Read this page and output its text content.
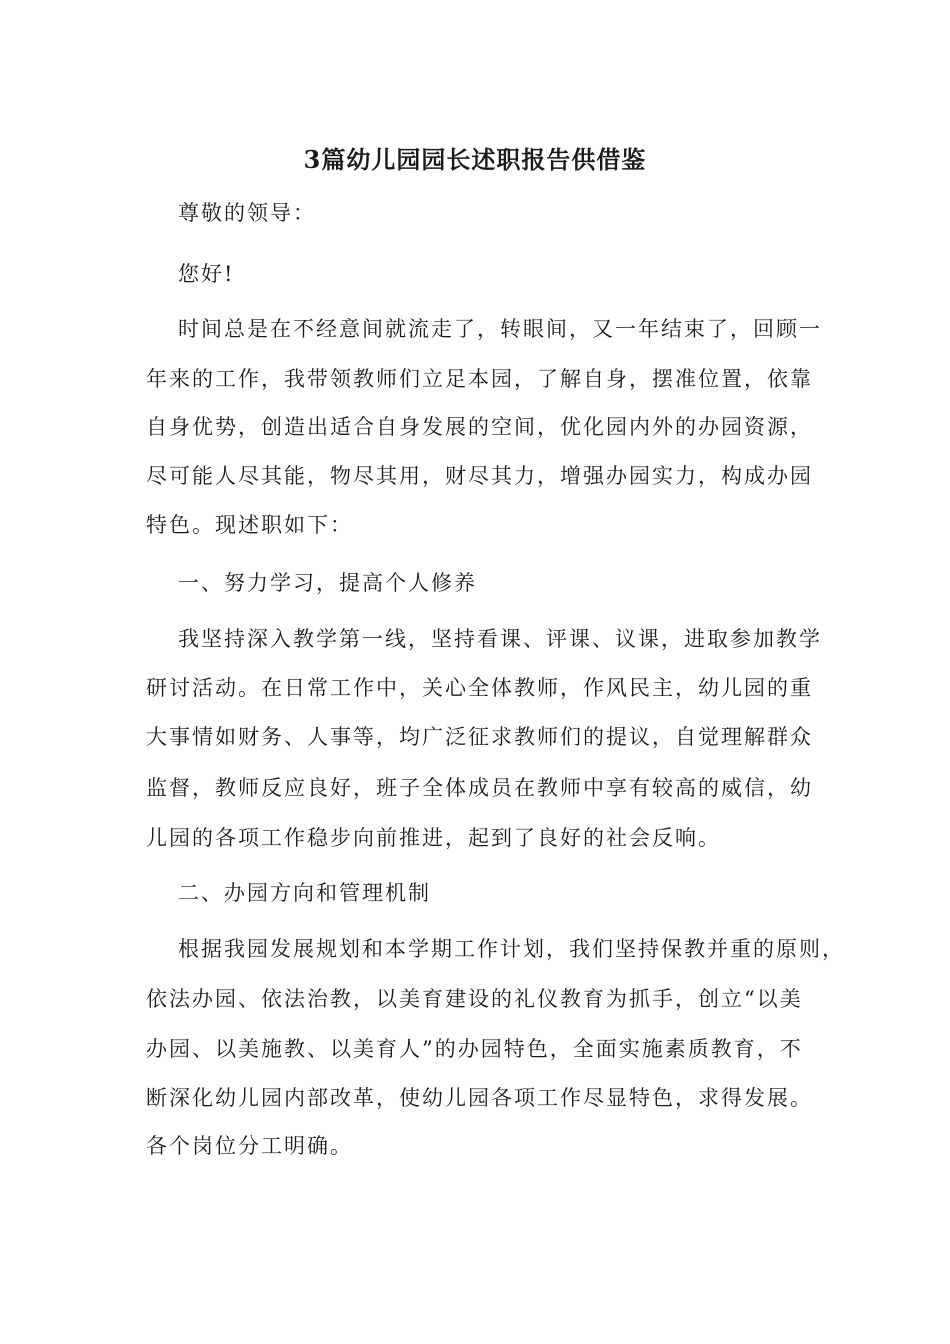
3篇幼儿园园长述职报告供借鉴
尊敬的领导：
您好!
时间总是在不经意间就流走了，转眼间，又一年结束了，回顾一
年来的工作，我带领教师们立足本园，了解自身，摆准位置，依靠
自身优势，创造出适合自身发展的空间，优化园内外的办园资源，
尽可能人尽其能，物尽其用，财尽其力，增强办园实力，构成办园
特色。现述职如下：
一、努力学习，提高个人修养
我坚持深入教学第一线，坚持看课、评课、议课，进取参加教学
研讨活动。在日常工作中，关心全体教师，作风民主，幼儿园的重
大事情如财务、人事等，均广泛征求教师们的提议，自觉理解群众
监督，教师反应良好，班子全体成员在教师中享有较高的威信，幼
儿园的各项工作稳步向前推进，起到了良好的社会反响。
二、办园方向和管理机制
根据我园发展规划和本学期工作计划，我们坚持保教并重的原则，
依法办园、依法治教，以美育建设的礼仪教育为抓手，创立“以美
办园、以美施教、以美育人”的办园特色，全面实施素质教育，不
断深化幼儿园内部改革，使幼儿园各项工作尽显特色，求得发展。
各个岗位分工明确。
